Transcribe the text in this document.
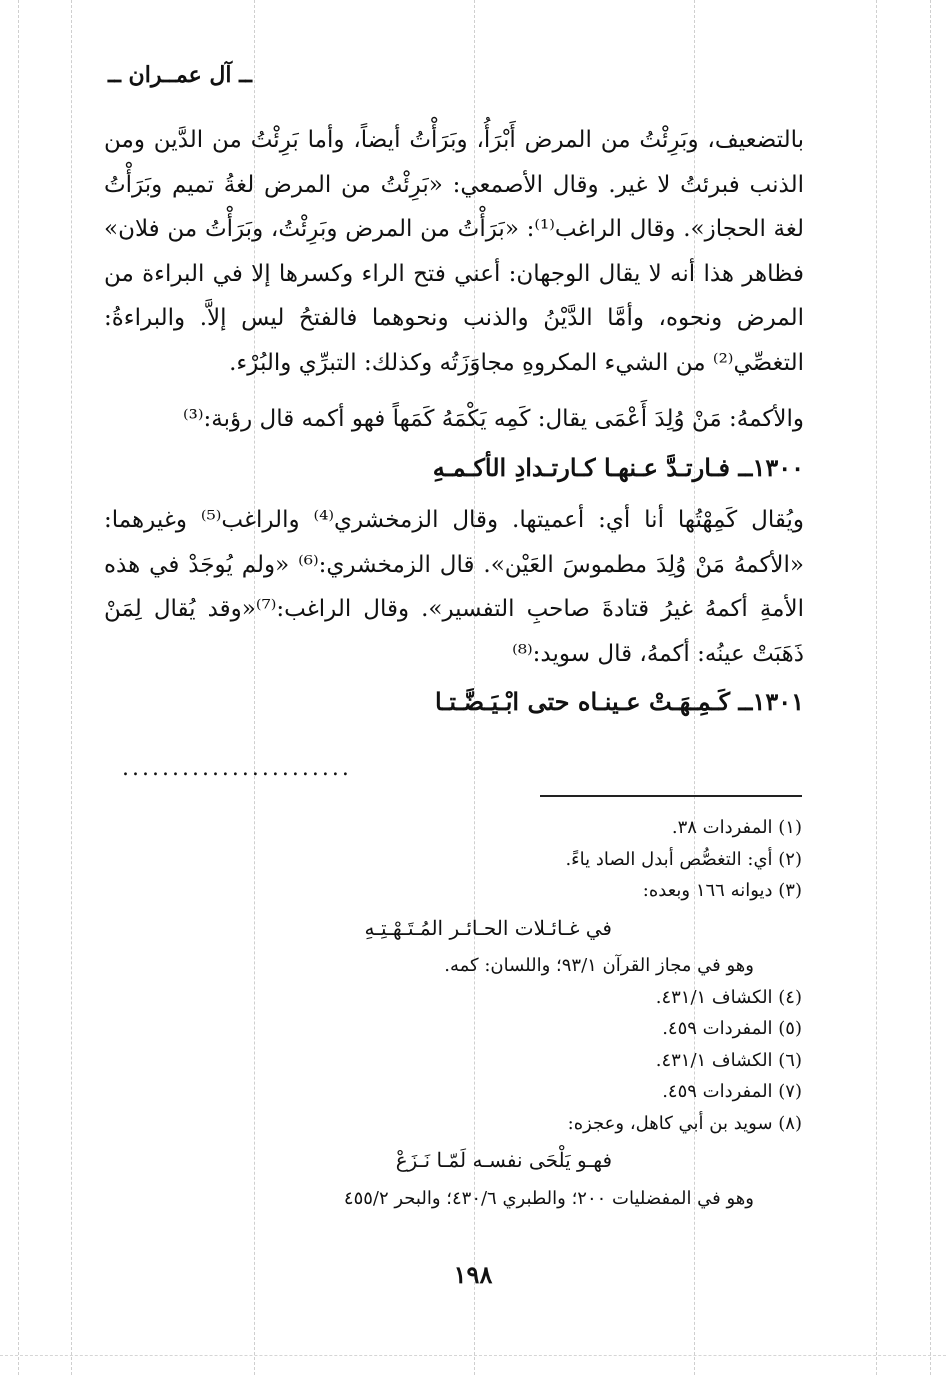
ــ آل عمــران ــ

بالتضعيف، وبَرِئْتُ من المرض أَبْرَأُ، وبَرَأْتُ أيضاً، وأما بَرِئْتُ من الدَّين ومن الذنب فبرئتُ لا غير. وقال الأصمعي: «بَرِئْتُ من المرض لغةُ تميم وبَرَأْتُ لغة الحجاز». وقال الراغب⁽¹⁾: «بَرَأْتُ من المرض وبَرِئْتُ، وبَرَأْتُ من فلان» فظاهر هذا أنه لا يقال الوجهان: أعني فتح الراء وكسرها إلا في البراءة من المرض ونحوه، وأمَّا الدَّيْنُ والذنب ونحوهما فالفتحُ ليس إلاَّ. والبراءةُ: التغصِّي⁽²⁾ من الشيء المكروهِ مجاوَزَتُه وكذلك: التبرِّي والبُرْء.

والأكمهُ: مَنْ وُلِدَ أَعْمَى يقال: كَمِه يَكْمَهُ كَمَهاً فهو أكمه قال رؤبة:⁽³⁾

١٣٠٠ــ فـارتـدَّ عـنهـا كـارتـدادِ الأكـمـهِ

ويُقال كَمِهْتُها أنا أي: أعميتها. وقال الزمخشري⁽⁴⁾ والراغب⁽⁵⁾ وغيرهما: «الأكمهُ مَنْ وُلِدَ مطموسَ العَيْن». قال الزمخشري:⁽⁶⁾ «ولم يُوجَدْ في هذه الأمةِ أكمهُ غيرُ قتادةَ صاحبِ التفسير». وقال الراغب:⁽⁷⁾«وقد يُقال لِمَنْ ذَهَبَتْ عينُه: أكمهُ، قال سويد:⁽⁸⁾

١٣٠١ــ كَـمِـهَـتْ عـينـاه حتى ابْـيَـضَّـتـا

.......................

(١) المفردات ٣٨.

(٢) أي: التغصُّص أبدل الصاد ياءً.

(٣) ديوانه ١٦٦ وبعده:

في غـائـلات الحـائـر المُـتَـهْـتِـهِ

وهو في مجاز القرآن ٩٣/١؛ واللسان: كمه.

(٤) الكشاف ٤٣١/١.

(٥) المفردات ٤٥٩.

(٦) الكشاف ٤٣١/١.

(٧) المفردات ٤٥٩.

(٨) سويد بن أبي كاهل، وعجزه:

فهـو يَلْحَى نفسـه لَمّـا نَـزَعْ

وهو في المفضليات ٢٠٠؛ والطبري ٤٣٠/٦؛ والبحر ٤٥٥/٢

١٩٨
